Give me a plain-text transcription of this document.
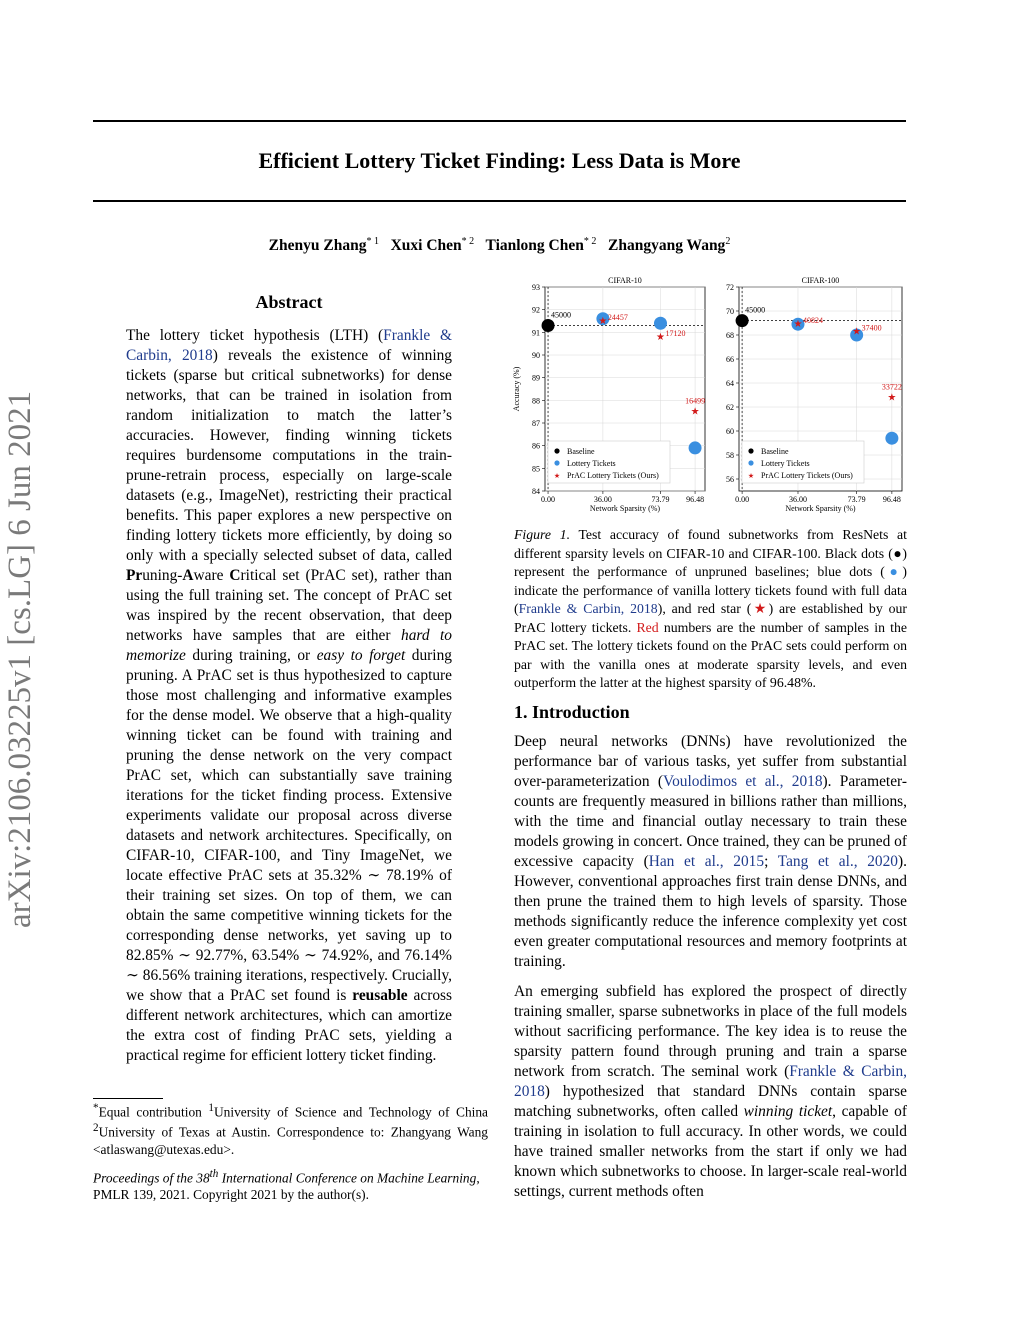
Efficient Lottery Ticket Finding: Less Data is More
Zhenyu Zhang$^{* 1}$ Xuxi Chen$^{* 2}$ Tianlong Chen$^{* 2}$ Zhangyang Wang$^2$
arXiv:2106.03225v1 [cs.LG] 6 Jun 2021
Abstract

The lottery ticket hypothesis (LTH) (Frankle & Carbin, 2018) reveals the existence of winning tickets (sparse but critical subnetworks) for dense networks, that can be trained in isolation from random initialization to match the latter’s accuracies. However, finding winning tickets requires burdensome computations in the train-prune-retrain process, especially on large-scale datasets (e.g., ImageNet), restricting their practical benefits. This paper explores a new perspective on finding lottery tickets more efficiently, by doing so only with a specially selected subset of data, called Pruning-Aware Critical set (PrAC set), rather than using the full training set. The concept of PrAC set was inspired by the recent observation, that deep networks have samples that are either hard to memorize during training, or easy to forget during pruning. A PrAC set is thus hypothesized to capture those most challenging and informative examples for the dense model. We observe that a high-quality winning ticket can be found with training and pruning the dense network on the very compact PrAC set, which can substantially save training iterations for the ticket finding process. Extensive experiments validate our proposal across diverse datasets and network architectures. Specifically, on CIFAR-10, CIFAR-100, and Tiny ImageNet, we locate effective PrAC sets at 35.32% ∼ 78.19% of their training set sizes. On top of them, we can obtain the same competitive winning tickets for the corresponding dense networks, yet saving up to 82.85% ∼ 92.77%, 63.54% ∼ 74.92%, and 76.14% ∼ 86.56% training iterations, respectively. Crucially, we show that a PrAC set found is reusable across different network architectures, which can amortize the extra cost of finding PrAC sets, yielding a practical regime for efficient lottery ticket finding.

*Equal contribution $^1$University of Science and Technology of China $^2$University of Texas at Austin. Correspondence to: Zhangyang Wang <atlaswang@utexas.edu>.
Proceedings of the 38th International Conference on Machine Learning, PMLR 139, 2021. Copyright 2021 by the author(s).
CIFAR-10
84
85
86
87
88
89
90
91
92
93
0.00	36.00	73.79 96.48
Network Sparsity (%)
Accuracy (%)
45000
★ 24457
★ 17120
★
16499
Baseline
Lottery Tickets
★ PrAC Lottery Tickets (Ours)
CIFAR-100
56
58
60
62
64
66
68
70
72
0.00	36.00	73.79 96.48
Network Sparsity (%)
45000
★ 40824
★ 37400
★
33722
Baseline
Lottery Tickets
★ PrAC Lottery Tickets (Ours)
Figure 1. Test accuracy of found subnetworks from ResNets at different sparsity levels on CIFAR-10 and CIFAR-100. Black dots (●) represent the performance of unpruned baselines; blue dots (●) indicate the performance of vanilla lottery tickets found with full data (Frankle & Carbin, 2018), and red star (★) are established by our PrAC lottery tickets. Red numbers are the number of samples in the PrAC set. The lottery tickets found on the PrAC sets could perform on par with the vanilla ones at moderate sparsity levels, and even outperform the latter at the highest sparsity of 96.48%.
1. Introduction

Deep neural networks (DNNs) have revolutionized the performance bar of various tasks, yet suffer from substantial over-parameterization (Voulodimos et al., 2018). Parameter-counts are frequently measured in billions rather than millions, with the time and financial outlay necessary to train these models growing in concert. Once trained, they can be pruned of excessive capacity (Han et al., 2015; Tang et al., 2020). However, conventional approaches first train dense DNNs, and then prune the trained them to high levels of sparsity. Those methods significantly reduce the inference complexity yet cost even greater computational resources and memory footprints at training.

An emerging subfield has explored the prospect of directly training smaller, sparse subnetworks in place of the full models without sacrificing performance. The key idea is to reuse the sparsity pattern found through pruning and train a sparse network from scratch. The seminal work (Frankle & Carbin, 2018) hypothesized that standard DNNs contain sparse matching subnetworks, often called winning ticket, capable of training in isolation to full accuracy. In other words, we could have trained smaller networks from the start if only we had known which subnetworks to choose. In larger-scale real-world settings, current methods often
